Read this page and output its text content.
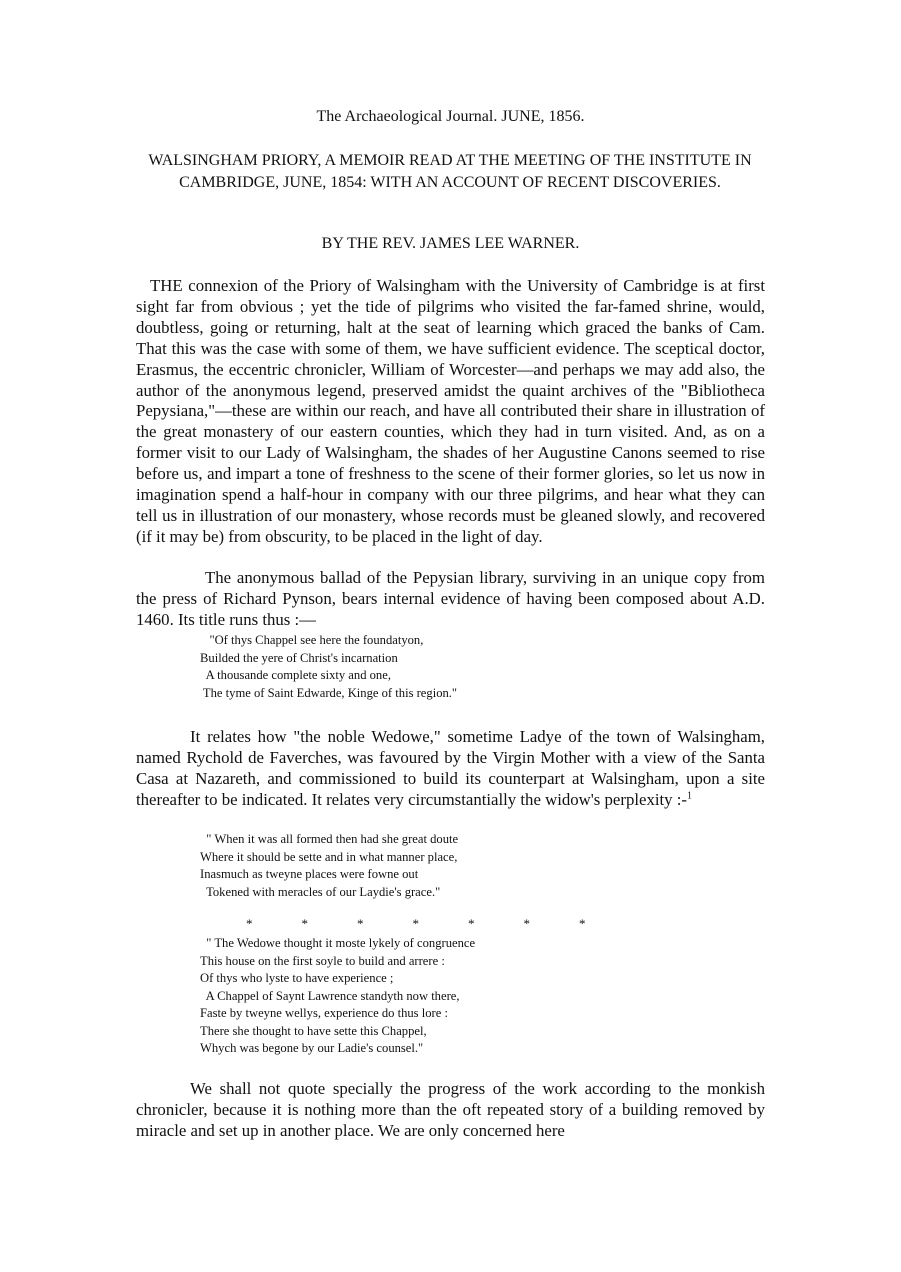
The Archaeological Journal. JUNE, 1856.
WALSINGHAM PRIORY, A MEMOIR READ AT THE MEETING OF THE INSTITUTE IN CAMBRIDGE, JUNE, 1854: WITH AN ACCOUNT OF RECENT DISCOVERIES.
BY THE REV. JAMES LEE WARNER.
THE connexion of the Priory of Walsingham with the University of Cambridge is at first sight far from obvious ; yet the tide of pilgrims who visited the far-famed shrine, would, doubtless, going or returning, halt at the seat of learning which graced the banks of Cam. That this was the case with some of them, we have sufficient evidence. The sceptical doctor, Erasmus, the eccentric chronicler, William of Worcester—and perhaps we may add also, the author of the anonymous legend, preserved amidst the quaint archives of the "Bibliotheca Pepysiana,"—these are within our reach, and have all contributed their share in illustration of the great monastery of our eastern counties, which they had in turn visited. And, as on a former visit to our Lady of Walsingham, the shades of her Augustine Canons seemed to rise before us, and impart a tone of freshness to the scene of their former glories, so let us now in imagination spend a half-hour in company with our three pilgrims, and hear what they can tell us in illustration of our monastery, whose records must be gleaned slowly, and recovered (if it may be) from obscurity, to be placed in the light of day.
The anonymous ballad of the Pepysian library, surviving in an unique copy from the press of Richard Pynson, bears internal evidence of having been composed about A.D. 1460. Its title runs thus :—
"Of thys Chappel see here the foundatyon,
Builded the yere of Christ's incarnation
A thousande complete sixty and one,
The tyme of Saint Edwarde, Kinge of this region."
It relates how "the noble Wedowe," sometime Ladye of the town of Walsingham, named Rychold de Faverches, was favoured by the Virgin Mother with a view of the Santa Casa at Nazareth, and commissioned to build its counterpart at Walsingham, upon a site thereafter to be indicated. It relates very circumstantially the widow's perplexity :-$^1$
" When it was all formed then had she great doute
Where it should be sette and in what manner place,
Inasmuch as tweyne places were fowne out
Tokened with meracles of our Laydie's grace."
*	*	*	*	*	*	*
" The Wedowe thought it moste lykely of congruence
This house on the first soyle to build and arrere :
Of thys who lyste to have experience ;
A Chappel of Saynt Lawrence standyth now there,
Faste by tweyne wellys, experience do thus lore :
There she thought to have sette this Chappel,
Whych was begone by our Ladie's counsel."
We shall not quote specially the progress of the work according to the monkish chronicler, because it is nothing more than the oft repeated story of a building removed by miracle and set up in another place. We are only concerned here
